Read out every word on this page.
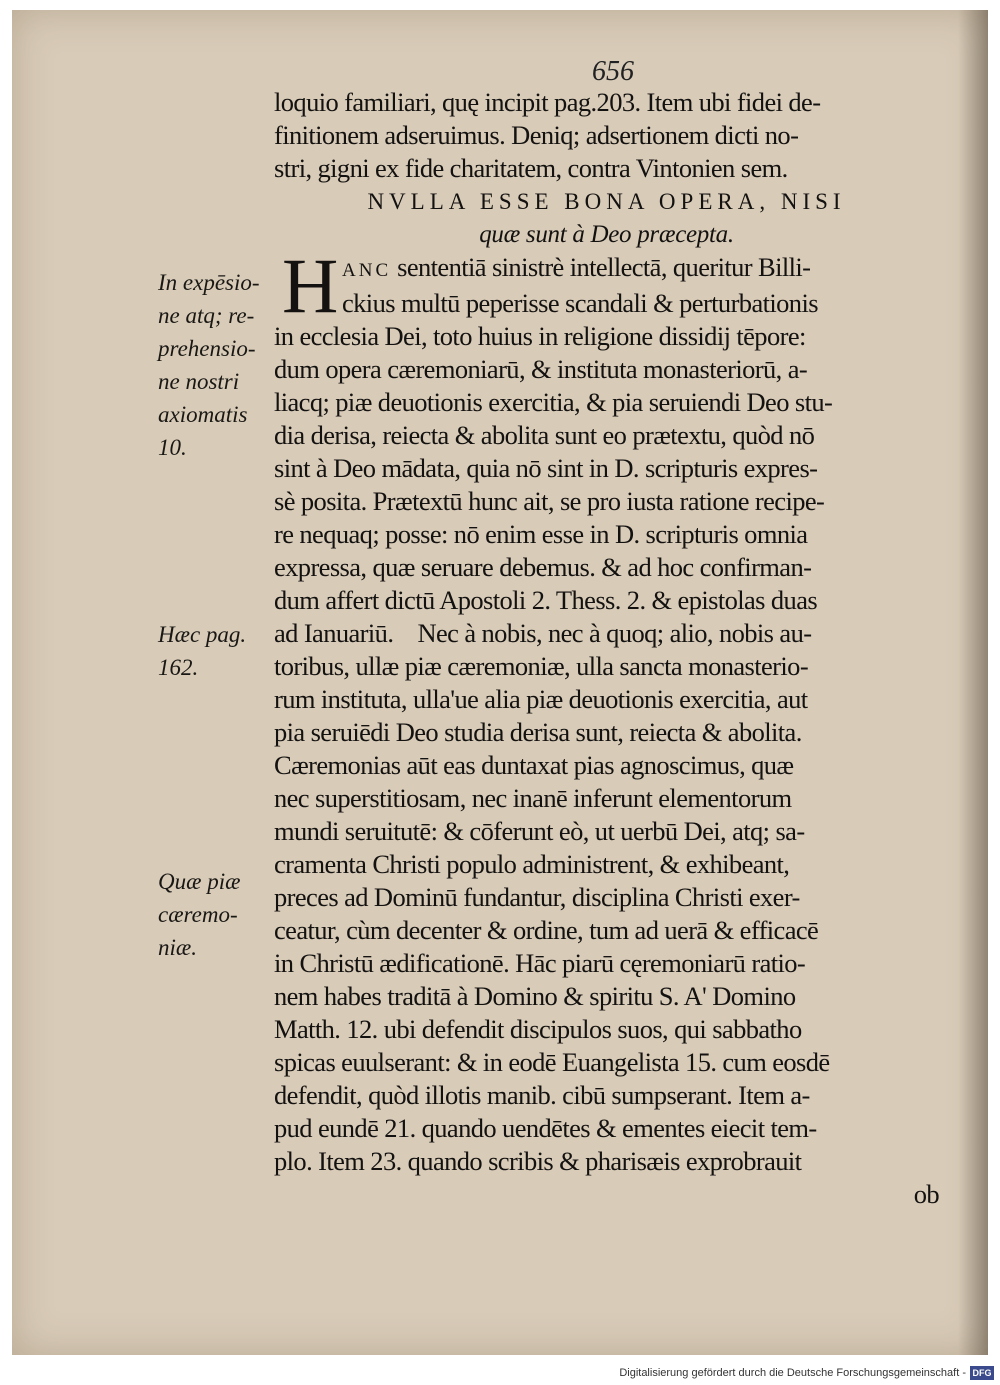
656
loquio familiari, quę incipit pag.203. Item ubi fidei de-
finitionem adseruimus. Deniq; adsertionem dicti no-
stri, gigni ex fide charitatem, contra Vintonien sem.
NVLLA ESSE BONA OPERA, NISI
quæ sunt à Deo præcepta.
H ANC sententiā sinistrè intellectā, queritur Billi-
ckius multū peperisse scandali & perturbationis
in ecclesia Dei, toto huius in religione dissidij tēpore:
dum opera cæremoniarū, & instituta monasteriorū, a-
liacq; piæ deuotionis exercitia, & pia seruiendi Deo stu-
dia derisa, reiecta & abolita sunt eo prætextu, quòd nō
sint à Deo mādata, quia nō sint in D. scripturis expres-
sè posita. Prætextū hunc ait, se pro iusta ratione recipe-
re nequaq; posse: nō enim esse in D. scripturis omnia
expressa, quæ seruare debemus. & ad hoc confirman-
dum affert dictū Apostoli 2. Thess. 2. & epistolas duas
ad Ianuariū.    Nec à nobis, nec à quoq; alio, nobis au-
toribus, ullæ piæ cæremoniæ, ulla sancta monasterio-
rum instituta, ulla'ue alia piæ deuotionis exercitia, aut
pia seruiēdi Deo studia derisa sunt, reiecta & abolita.
Cæremonias aūt eas duntaxat pias agnoscimus, quæ
nec superstitiosam, nec inanē inferunt elementorum
mundi seruitutē: & cōferunt eò, ut uerbū Dei, atq; sa-
cramenta Christi populo administrent, & exhibeant,
preces ad Dominū fundantur, disciplina Christi exer-
ceatur, cùm decenter & ordine, tum ad uerā & efficacē
in Christū ædificationē. Hāc piarū cęremoniarū ratio-
nem habes traditā à Domino & spiritu S. A' Domino
Matth. 12. ubi defendit discipulos suos, qui sabbatho
spicas euulserant: & in eodē Euangelista 15. cum eosdē
defendit, quòd illotis manib. cibū sumpserant. Item a-
pud eundē 21. quando uendētes & ementes eiecit tem-
plo. Item 23. quando scribis & pharisæis exprobrauit
ob
In expēsio-
ne atq; re-
prehensio-
ne nostri
axiomatis
10.
Hæc pag.
162.
Quæ piæ
cæremo-
niæ.
Digitalisierung gefördert durch die Deutsche Forschungsgemeinschaft - DFG
